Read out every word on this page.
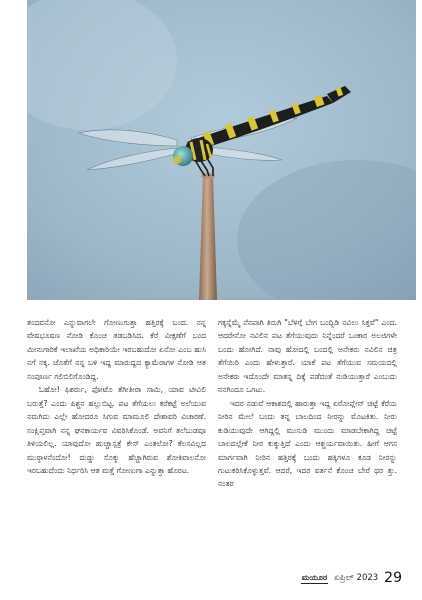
ತಂದವನೋ ಎನ್ನುವಾಗಲೇ ಗೋಣುಗುತ್ತಾ ಹತ್ತಿರಕ್ಕೆ ಬಂದ. ನನ್ನ ವೇಷಭೂಷಣ ನೋಡಿ ಕೊಂಚ ತಡಬಡಿಸಿದ. ಕೆರೆ ವೀಕ್ಷಣೆಗೆ ಬಂದ ಮೀನುಗಾರಿಕೆ ಇಲಾಖೆಯ ಅಧಿಕಾರಿಯೇ ಇರಬಹುದೋ ಏನೋ ಎಂಬ ಹುಸಿ ನಗೆ ನಕ್ಕ. ಜೊತೆಗೆ ನನ್ನ ಬಳಿ ಇದ್ದ ಮಾರುದ್ದದ ಕ್ಯಾಮೆರಾಗಳ ನೋಡಿ ಆತ ಸಂಪೂರ್ಣ ಗಲಿಬಿಲಿಗೊಂಡಿದ್ದ.

ಓಹೋ! ಫಿಶರ್ರು, ಫೋಟೊ ತೆಗೀತೀರಾ ಸಾಮಿ, ಯಾವ ಟೀವಿಲಿ ಬರುತ್ತೆ? ಎಂದು ಪಿಶ್ಚನ ಹಲ್ಲುಬಿಟ್ಟ. ಪಟ ತೆಗೆಯಲು ಕರೆಕಟ್ಟೆ ಅಲೆಯುವ ನಮಗಿದು ಎಲ್ಲೇ ಹೋದರೂ ಸಿಗುವ ಮಾಮೂಲಿ ದೇಶಾವರಿ ವಿಚಾರಣೆ. ಸಂಕ್ಷಿಪ್ತವಾಗಿ ನನ್ನ ಘನಕಾರ್ಯವ ವಿವರಿಸಿಕೊಂಡೆ. ಅವನಿಗೆ ತಲೆಬುಡವೂ ತಿಳಿಯಲಿಲ್ಲ. ಯಾವುದೋ ಹುಚ್ಚಾಸ್ಪತ್ರೆ ಕೇಸ್ ಎಂತಲೋ? ಕೆಲಸವಿಲ್ಲದ ಮುಠ್ಠಾಳನೆಂದೋ! ದುಡ್ಡು ಸೊಕ್ಕು ಹೆಚ್ಚಾಗಿರುವ ಶೋಕಿವಾಲನೋ ಇರಬಹುದೆಂದು ನಿರ್ಧರಿಸಿ ಆತ ಮತ್ತೆ ಗೋಣುಗಾ ಎನ್ನುತ್ತಾ ಹೊರಟ.

ಗಕ್ಕನ್ನೆಮ್ಮೆ ನೆನಪಾಗಿ ತಿರುಗಿ "ಬೆಳಿಗ್ಗೆ ಬೇಗ ಬಂದ್ಬಿಡಿ ನವಿಲು ಸಿಕ್ತವೆ" ಎಂದ. ಆದರೇನೋ ನವಿಲಿನ ಪಟ ತೆಗೆಯುವುದು ನಿನ್ನೆಂದರೆ ಒಂಕಾರ ಅಲಜಿಗಳೇ ಬಂದು ಹೋಗಿದೆ. ನಾವು ಹೋದಲ್ಲಿ ಬಂದಲ್ಲಿ ಅನೇಕರು ನವಿಲಿನ ಚಿತ್ರ ತೆಗೆಯಿರಿ ಎಂದು ಹೇಳುತ್ತಾರೆ. ಯಾಕೆ ಪಟ ತೆಗೆಯುವ ಸಮಯದಲ್ಲಿ ಅನೇಕರು ಇದೊಂದೇ ಮಾತನ್ನ ದಿಕ್ಕೆ ಪಡೆದಂತೆ ನುಡಿಯುತ್ತಾರೆ ಎಂಬುದು ನನಗಿಂದೂ ಒಗಟು.

ಇದರ ನಡುವೆ ಆಕಾಶದಲ್ಲಿ ಹಾರುತ್ತಾ ಇದ್ದ ಏರೋಪ್ಲೇನ್ ಚಿಟ್ಟೆ ಕೆರೆಯ ನೀರಿನ ಮೇಲೆ ಬಂದು ತನ್ನ ಬಾಲದಿಂದ ನೀರನ್ನು ಮೊಟಕಿತು. ನೀರು ಕುಡಿಯುವುದೇ ಆಗಿದ್ದಲ್ಲಿ ಮುಸುಡಿ ಮುಂದು ಮಾಡಬೇಕಾಗಿದ್ದ ಚಿಟ್ಟೆ ಬಾಲದಲ್ಲೇಕೆ ನೀರ ಕುಕ್ಕುತ್ತಿದೆ ಎಂದು ಆಶ್ಚರ್ಯವಾಯಿತು. ಹೀಗೆ ಆಗಸ ಮಾರ್ಗವಾಗಿ ನೀರಿನ ಹತ್ತಿರಕ್ಕೆ ಬಂದು ಹಕ್ಕಿಗಳೂ ಕೂಡ ನೀರನ್ನು ಗುಟುಕರಿಸಿಕೊಳ್ಳುತ್ತವೆ. ಆದರೆ, ಇದರ ವರ್ತನೆ ಕೊಂಚ ಬೇರೆ ಥರ ತ್ತು. ನಂತರ

ಮಯೂರ ಏಪ್ರಿಲ್ 2023 29
